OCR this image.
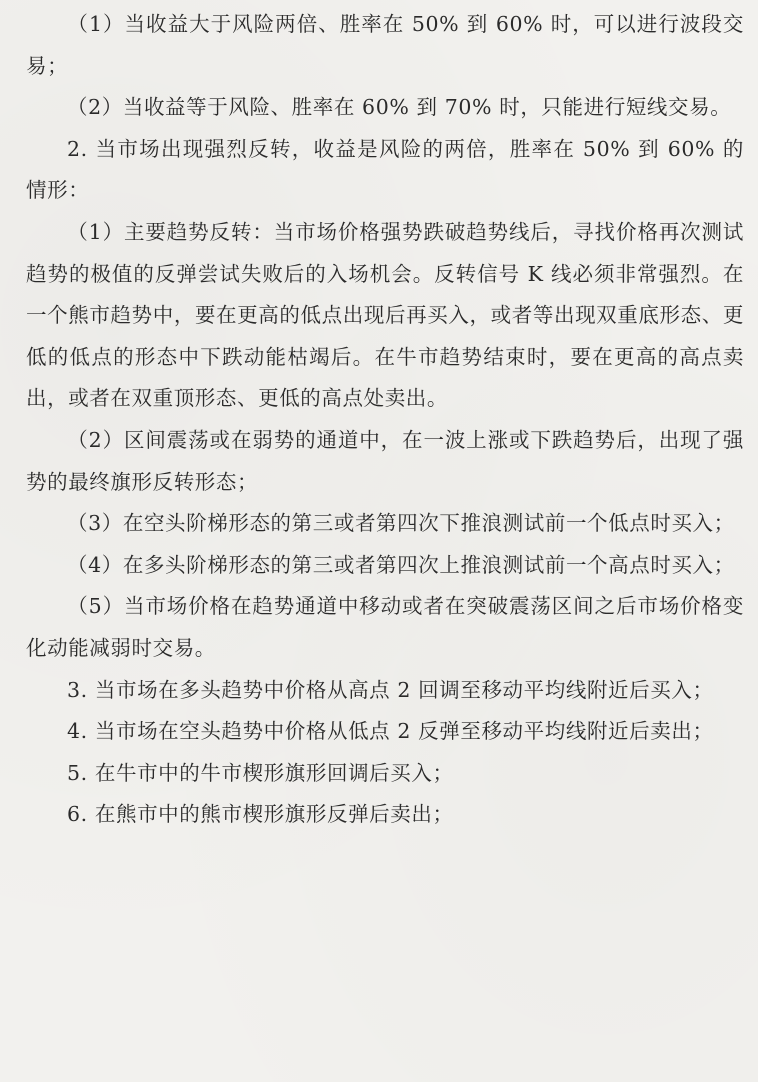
（1）当收益大于风险两倍、胜率在 50% 到 60% 时，可以进行波段交易；

（2）当收益等于风险、胜率在 60% 到 70% 时，只能进行短线交易。

2. 当市场出现强烈反转，收益是风险的两倍，胜率在 50% 到 60% 的情形：

（1）主要趋势反转：当市场价格强势跌破趋势线后，寻找价格再次测试趋势的极值的反弹尝试失败后的入场机会。反转信号 K 线必须非常强烈。在一个熊市趋势中，要在更高的低点出现后再买入，或者等出现双重底形态、更低的低点的形态中下跌动能枯竭后。在牛市趋势结束时，要在更高的高点卖出，或者在双重顶形态、更低的高点处卖出。

（2）区间震荡或在弱势的通道中，在一波上涨或下跌趋势后，出现了强势的最终旗形反转形态；

（3）在空头阶梯形态的第三或者第四次下推浪测试前一个低点时买入；

（4）在多头阶梯形态的第三或者第四次上推浪测试前一个高点时买入；

（5）当市场价格在趋势通道中移动或者在突破震荡区间之后市场价格变化动能减弱时交易。

3. 当市场在多头趋势中价格从高点 2 回调至移动平均线附近后买入；

4. 当市场在空头趋势中价格从低点 2 反弹至移动平均线附近后卖出；

5. 在牛市中的牛市楔形旗形回调后买入；

6. 在熊市中的熊市楔形旗形反弹后卖出；
